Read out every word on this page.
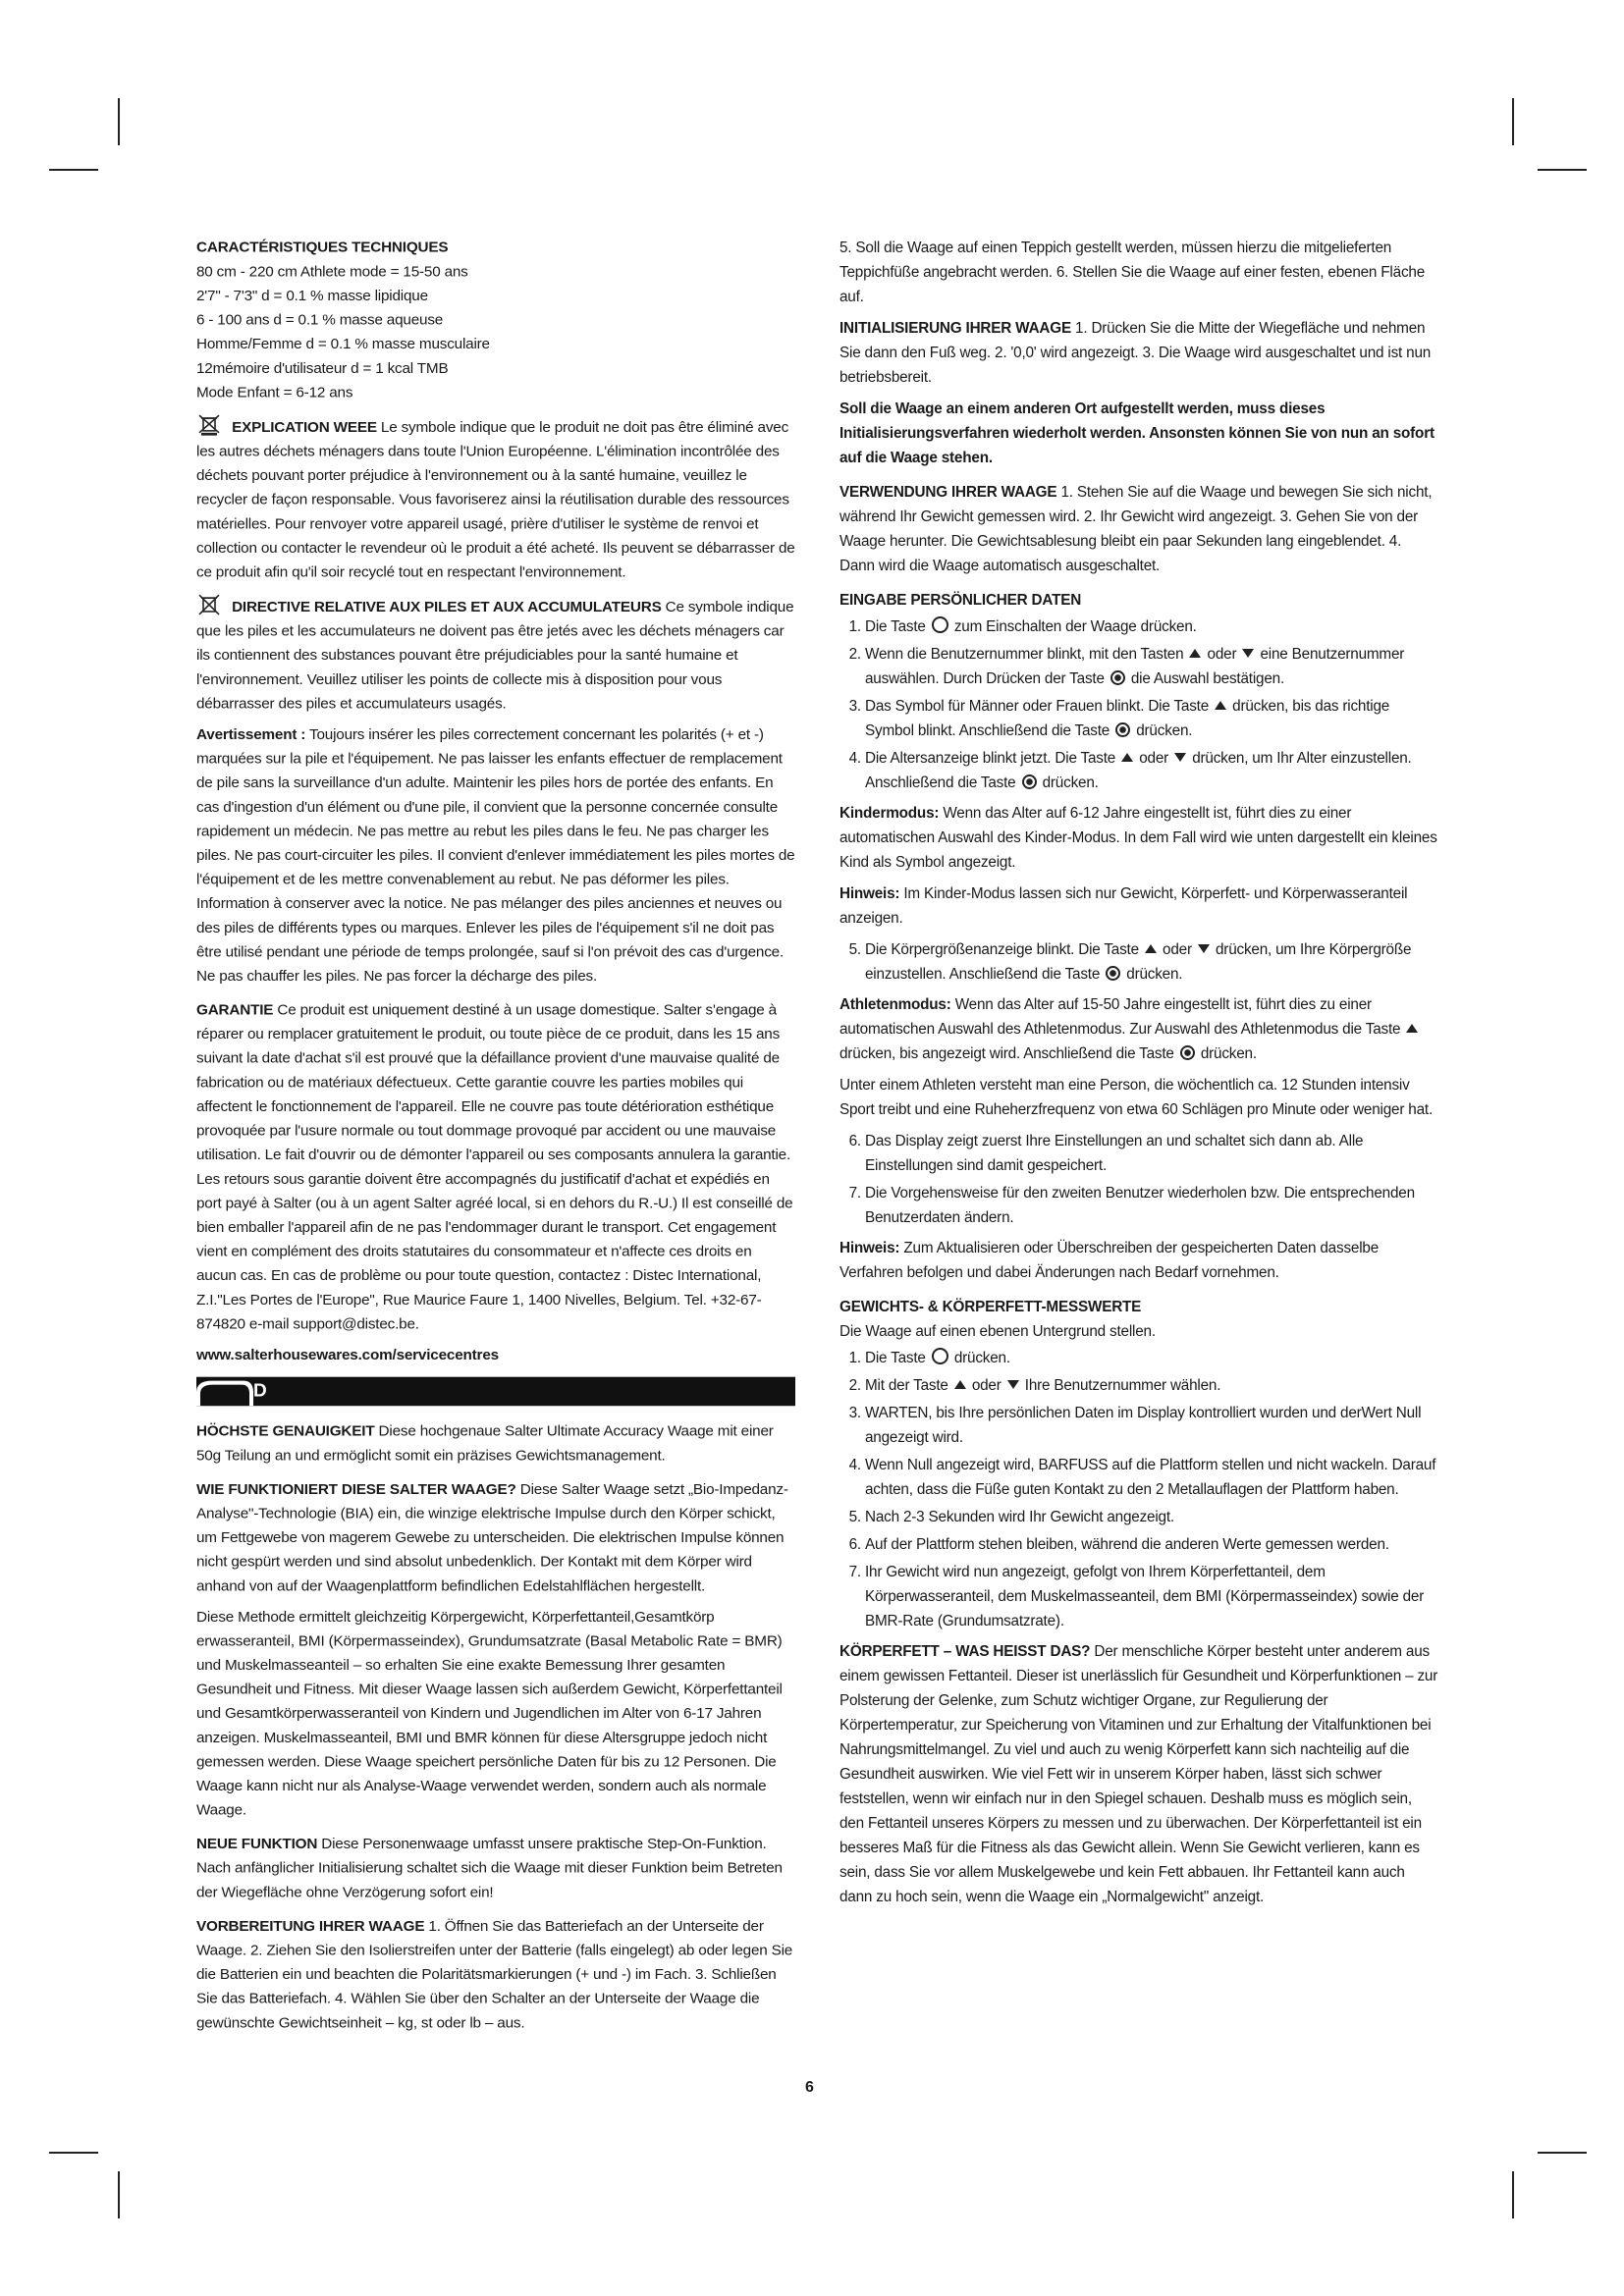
CARACTÉRISTIQUES TECHNIQUES

80 cm - 220 cm Athlete mode = 15-50 ans
2'7" - 7'3" d = 0.1 % masse lipidique
6 - 100 ans d = 0.1 % masse aqueuse
Homme/Femme d = 0.1 % masse musculaire
12mémoire d'utilisateur d = 1 kcal TMB
Mode Enfant = 6-12 ans

EXPLICATION WEEE Le symbole indique que le produit ne doit pas être éliminé avec les autres déchets ménagers dans toute l'Union Européenne. L'élimination incontrôlée des déchets pouvant porter préjudice à l'environnement ou à la santé humaine, veuillez le recycler de façon responsable. Vous favoriserez ainsi la réutilisation durable des ressources matérielles. Pour renvoyer votre appareil usagé, prière d'utiliser le système de renvoi et collection ou contacter le revendeur où le produit a été acheté. Ils peuvent se débarrasser de ce produit afin qu'il soir recyclé tout en respectant l'environnement.

DIRECTIVE RELATIVE AUX PILES ET AUX ACCUMULATEURS Ce symbole indique que les piles et les accumulateurs ne doivent pas être jetés avec les déchets ménagers car ils contiennent des substances pouvant être préjudiciables pour la santé humaine et l'environnement. Veuillez utiliser les points de collecte mis à disposition pour vous débarrasser des piles et accumulateurs usagés.

Avertissement : Toujours insérer les piles correctement concernant les polarités (+ et -) marquées sur la pile et l'équipement. Ne pas laisser les enfants effectuer de remplacement de pile sans la surveillance d'un adulte. Maintenir les piles hors de portée des enfants. En cas d'ingestion d'un élément ou d'une pile, il convient que la personne concernée consulte rapidement un médecin. Ne pas mettre au rebut les piles dans le feu. Ne pas charger les piles. Ne pas court-circuiter les piles. Il convient d'enlever immédiatement les piles mortes de l'équipement et de les mettre convenablement au rebut. Ne pas déformer les piles. Information à conserver avec la notice. Ne pas mélanger des piles anciennes et neuves ou des piles de différents types ou marques. Enlever les piles de l'équipement s'il ne doit pas être utilisé pendant une période de temps prolongée, sauf si l'on prévoit des cas d'urgence. Ne pas chauffer les piles. Ne pas forcer la décharge des piles.

GARANTIE Ce produit est uniquement destiné à un usage domestique. Salter s'engage à réparer ou remplacer gratuitement le produit, ou toute pièce de ce produit, dans les 15 ans suivant la date d'achat s'il est prouvé que la défaillance provient d'une mauvaise qualité de fabrication ou de matériaux défectueux. Cette garantie couvre les parties mobiles qui affectent le fonctionnement de l'appareil. Elle ne couvre pas toute détérioration esthétique provoquée par l'usure normale ou tout dommage provoqué par accident ou une mauvaise utilisation. Le fait d'ouvrir ou de démonter l'appareil ou ses composants annulera la garantie. Les retours sous garantie doivent être accompagnés du justificatif d'achat et expédiés en port payé à Salter (ou à un agent Salter agréé local, si en dehors du R.-U.) Il est conseillé de bien emballer l'appareil afin de ne pas l'endommager durant le transport. Cet engagement vient en complément des droits statutaires du consommateur et n'affecte ces droits en aucun cas. En cas de problème ou pour toute question, contactez : Distec International, Z.I."Les Portes de l'Europe", Rue Maurice Faure 1, 1400 Nivelles, Belgium. Tel. +32-67-874820 e-mail support@distec.be.

www.salterhousewares.com/servicecentres

D

HÖCHSTE GENAUIGKEIT Diese hochgenaue Salter Ultimate Accuracy Waage mit einer 50g Teilung an und ermöglicht somit ein präzises Gewichtsmanagement.

WIE FUNKTIONIERT DIESE SALTER WAAGE? Diese Salter Waage setzt „Bio-Impedanz-Analyse"-Technologie (BIA) ein, die winzige elektrische Impulse durch den Körper schickt, um Fettgewebe von magerem Gewebe zu unterscheiden. Die elektrischen Impulse können nicht gespürt werden und sind absolut unbedenklich. Der Kontakt mit dem Körper wird anhand von auf der Waagenplattform befindlichen Edelstahlflächen hergestellt.

Diese Methode ermittelt gleichzeitig Körpergewicht, Körperfettanteil,Gesamtkörp erwasseranteil, BMI (Körpermasseindex), Grundumsatzrate (Basal Metabolic Rate = BMR) und Muskelmasseanteil – so erhalten Sie eine exakte Bemessung Ihrer gesamten Gesundheit und Fitness. Mit dieser Waage lassen sich außerdem Gewicht, Körperfettanteil und Gesamtkörperwasseranteil von Kindern und Jugendlichen im Alter von 6-17 Jahren anzeigen. Muskelmasseanteil, BMI und BMR können für diese Altersgruppe jedoch nicht gemessen werden. Diese Waage speichert persönliche Daten für bis zu 12 Personen. Die Waage kann nicht nur als Analyse-Waage verwendet werden, sondern auch als normale Waage.

NEUE FUNKTION Diese Personenwaage umfasst unsere praktische Step-On-Funktion. Nach anfänglicher Initialisierung schaltet sich die Waage mit dieser Funktion beim Betreten der Wiegefläche ohne Verzögerung sofort ein!

VORBEREITUNG IHRER WAAGE 1. Öffnen Sie das Batteriefach an der Unterseite der Waage. 2. Ziehen Sie den Isolierstreifen unter der Batterie (falls eingelegt) ab oder legen Sie die Batterien ein und beachten die Polaritätsmarkierungen (+ und -) im Fach. 3. Schließen Sie das Batteriefach. 4. Wählen Sie über den Schalter an der Unterseite der Waage die gewünschte Gewichtseinheit – kg, st oder lb – aus.

5. Soll die Waage auf einen Teppich gestellt werden, müssen hierzu die mitgelieferten Teppichfüße angebracht werden. 6. Stellen Sie die Waage auf einer festen, ebenen Fläche auf.

INITIALISIERUNG IHRER WAAGE 1. Drücken Sie die Mitte der Wiegefläche und nehmen Sie dann den Fuß weg. 2. '0,0' wird angezeigt. 3. Die Waage wird ausgeschaltet und ist nun betriebsbereit.

Soll die Waage an einem anderen Ort aufgestellt werden, muss dieses Initialisierungsverfahren wiederholt werden. Ansonsten können Sie von nun an sofort auf die Waage stehen.

VERWENDUNG IHRER WAAGE 1. Stehen Sie auf die Waage und bewegen Sie sich nicht, während Ihr Gewicht gemessen wird. 2. Ihr Gewicht wird angezeigt. 3. Gehen Sie von der Waage herunter. Die Gewichtsablesung bleibt ein paar Sekunden lang eingeblendet. 4. Dann wird die Waage automatisch ausgeschaltet.

EINGABE PERSÖNLICHER DATEN

1. Die Taste zum Einschalten der Waage drücken.
2. Wenn die Benutzernummer blinkt, mit den Tasten oder eine Benutzernummer auswählen. Durch Drücken der Taste die Auswahl bestätigen.
3. Das Symbol für Männer oder Frauen blinkt. Die Taste drücken, bis das richtige Symbol blinkt. Anschließend die Taste drücken.
4. Die Altersanzeige blinkt jetzt. Die Taste oder drücken, um Ihr Alter einzustellen. Anschließend die Taste drücken.

Kindermodus: Wenn das Alter auf 6-12 Jahre eingestellt ist, führt dies zu einer automatischen Auswahl des Kinder-Modus. In dem Fall wird wie unten dargestellt ein kleines Kind als Symbol angezeigt.

Hinweis: Im Kinder-Modus lassen sich nur Gewicht, Körperfett- und Körperwasseranteil anzeigen.

5. Die Körpergrößenanzeige blinkt. Die Taste oder drücken, um Ihre Körpergröße einzustellen. Anschließend die Taste drücken.

Athletenmodus: Wenn das Alter auf 15-50 Jahre eingestellt ist, führt dies zu einer automatischen Auswahl des Athletenmodus. Zur Auswahl des Athletenmodus die Taste  drücken, bis angezeigt wird. Anschließend die Taste drücken.

Unter einem Athleten versteht man eine Person, die wöchentlich ca. 12 Stunden intensiv Sport treibt und eine Ruheherzfrequenz von etwa 60 Schlägen pro Minute oder weniger hat.

6. Das Display zeigt zuerst Ihre Einstellungen an und schaltet sich dann ab. Alle Einstellungen sind damit gespeichert.
7. Die Vorgehensweise für den zweiten Benutzer wiederholen bzw. Die entsprechenden Benutzerdaten ändern.

Hinweis: Zum Aktualisieren oder Überschreiben der gespeicherten Daten dasselbe Verfahren befolgen und dabei Änderungen nach Bedarf vornehmen.

GEWICHTS- & KÖRPERFETT-MESSWERTE

Die Waage auf einen ebenen Untergrund stellen.

1. Die Taste drücken.
2. Mit der Taste oder Ihre Benutzernummer wählen.
3. WARTEN, bis Ihre persönlichen Daten im Display kontrolliert wurden und derWert Null angezeigt wird.
4. Wenn Null angezeigt wird, BARFUSS auf die Plattform stellen und nicht wackeln. Darauf achten, dass die Füße guten Kontakt zu den 2 Metallauflagen der Plattform haben.
5. Nach 2-3 Sekunden wird Ihr Gewicht angezeigt.
6. Auf der Plattform stehen bleiben, während die anderen Werte gemessen werden.
7. Ihr Gewicht wird nun angezeigt, gefolgt von Ihrem Körperfettanteil, dem Körperwasseranteil, dem Muskelmasseanteil, dem BMI (Körpermasseindex) sowie der BMR-Rate (Grundumsatzrate).

KÖRPERFETT – WAS HEISST DAS? Der menschliche Körper besteht unter anderem aus einem gewissen Fettanteil. Dieser ist unerlässlich für Gesundheit und Körperfunktionen – zur Polsterung der Gelenke, zum Schutz wichtiger Organe, zur Regulierung der Körpertemperatur, zur Speicherung von Vitaminen und zur Erhaltung der Vitalfunktionen bei Nahrungsmittelmangel. Zu viel und auch zu wenig Körperfett kann sich nachteilig auf die Gesundheit auswirken. Wie viel Fett wir in unserem Körper haben, lässt sich schwer feststellen, wenn wir einfach nur in den Spiegel schauen. Deshalb muss es möglich sein, den Fettanteil unseres Körpers zu messen und zu überwachen. Der Körperfettanteil ist ein besseres Maß für die Fitness als das Gewicht allein. Wenn Sie Gewicht verlieren, kann es sein, dass Sie vor allem Muskelgewebe und kein Fett abbauen. Ihr Fettanteil kann auch dann zu hoch sein, wenn die Waage ein „Normalgewicht" anzeigt.

6
